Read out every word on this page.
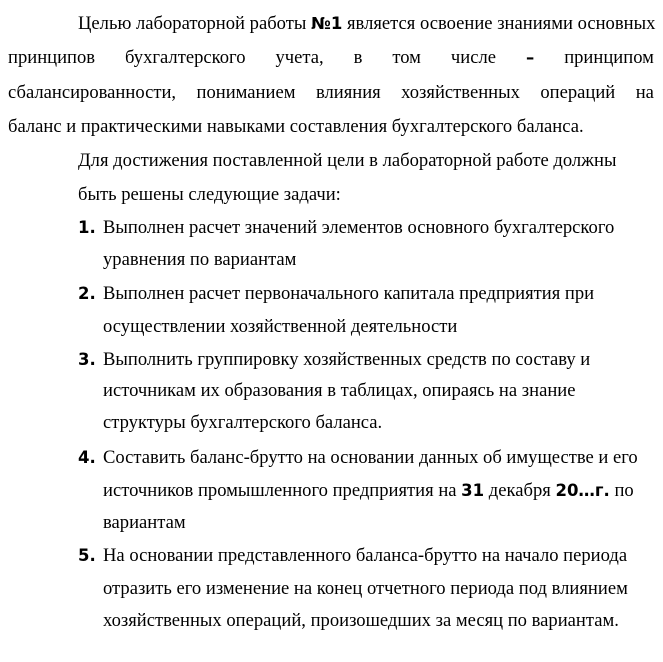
Целью лабораторной работы №1 является освоение знаниями основных
принципов бухгалтерского учета, в том числе – принципом
сбалансированности, пониманием влияния хозяйственных операций на
баланс и практическими навыками составления бухгалтерского баланса.
Для достижения поставленной цели в лабораторной работе должны
быть решены следующие задачи:
1. Выполнен расчет значений элементов основного бухгалтерского
уравнения по вариантам
2. Выполнен расчет первоначального капитала предприятия при
осуществлении хозяйственной деятельности
3. Выполнить группировку хозяйственных средств по составу и
источникам их образования в таблицах, опираясь на знание
структуры бухгалтерского баланса.
4. Составить баланс-брутто на основании данных об имуществе и его
источников промышленного предприятия на 31 декабря 20…г. по
вариантам
5. На основании представленного баланса-брутто на начало периода
отразить его изменение на конец отчетного периода под влиянием
хозяйственных операций, произошедших за месяц по вариантам.
